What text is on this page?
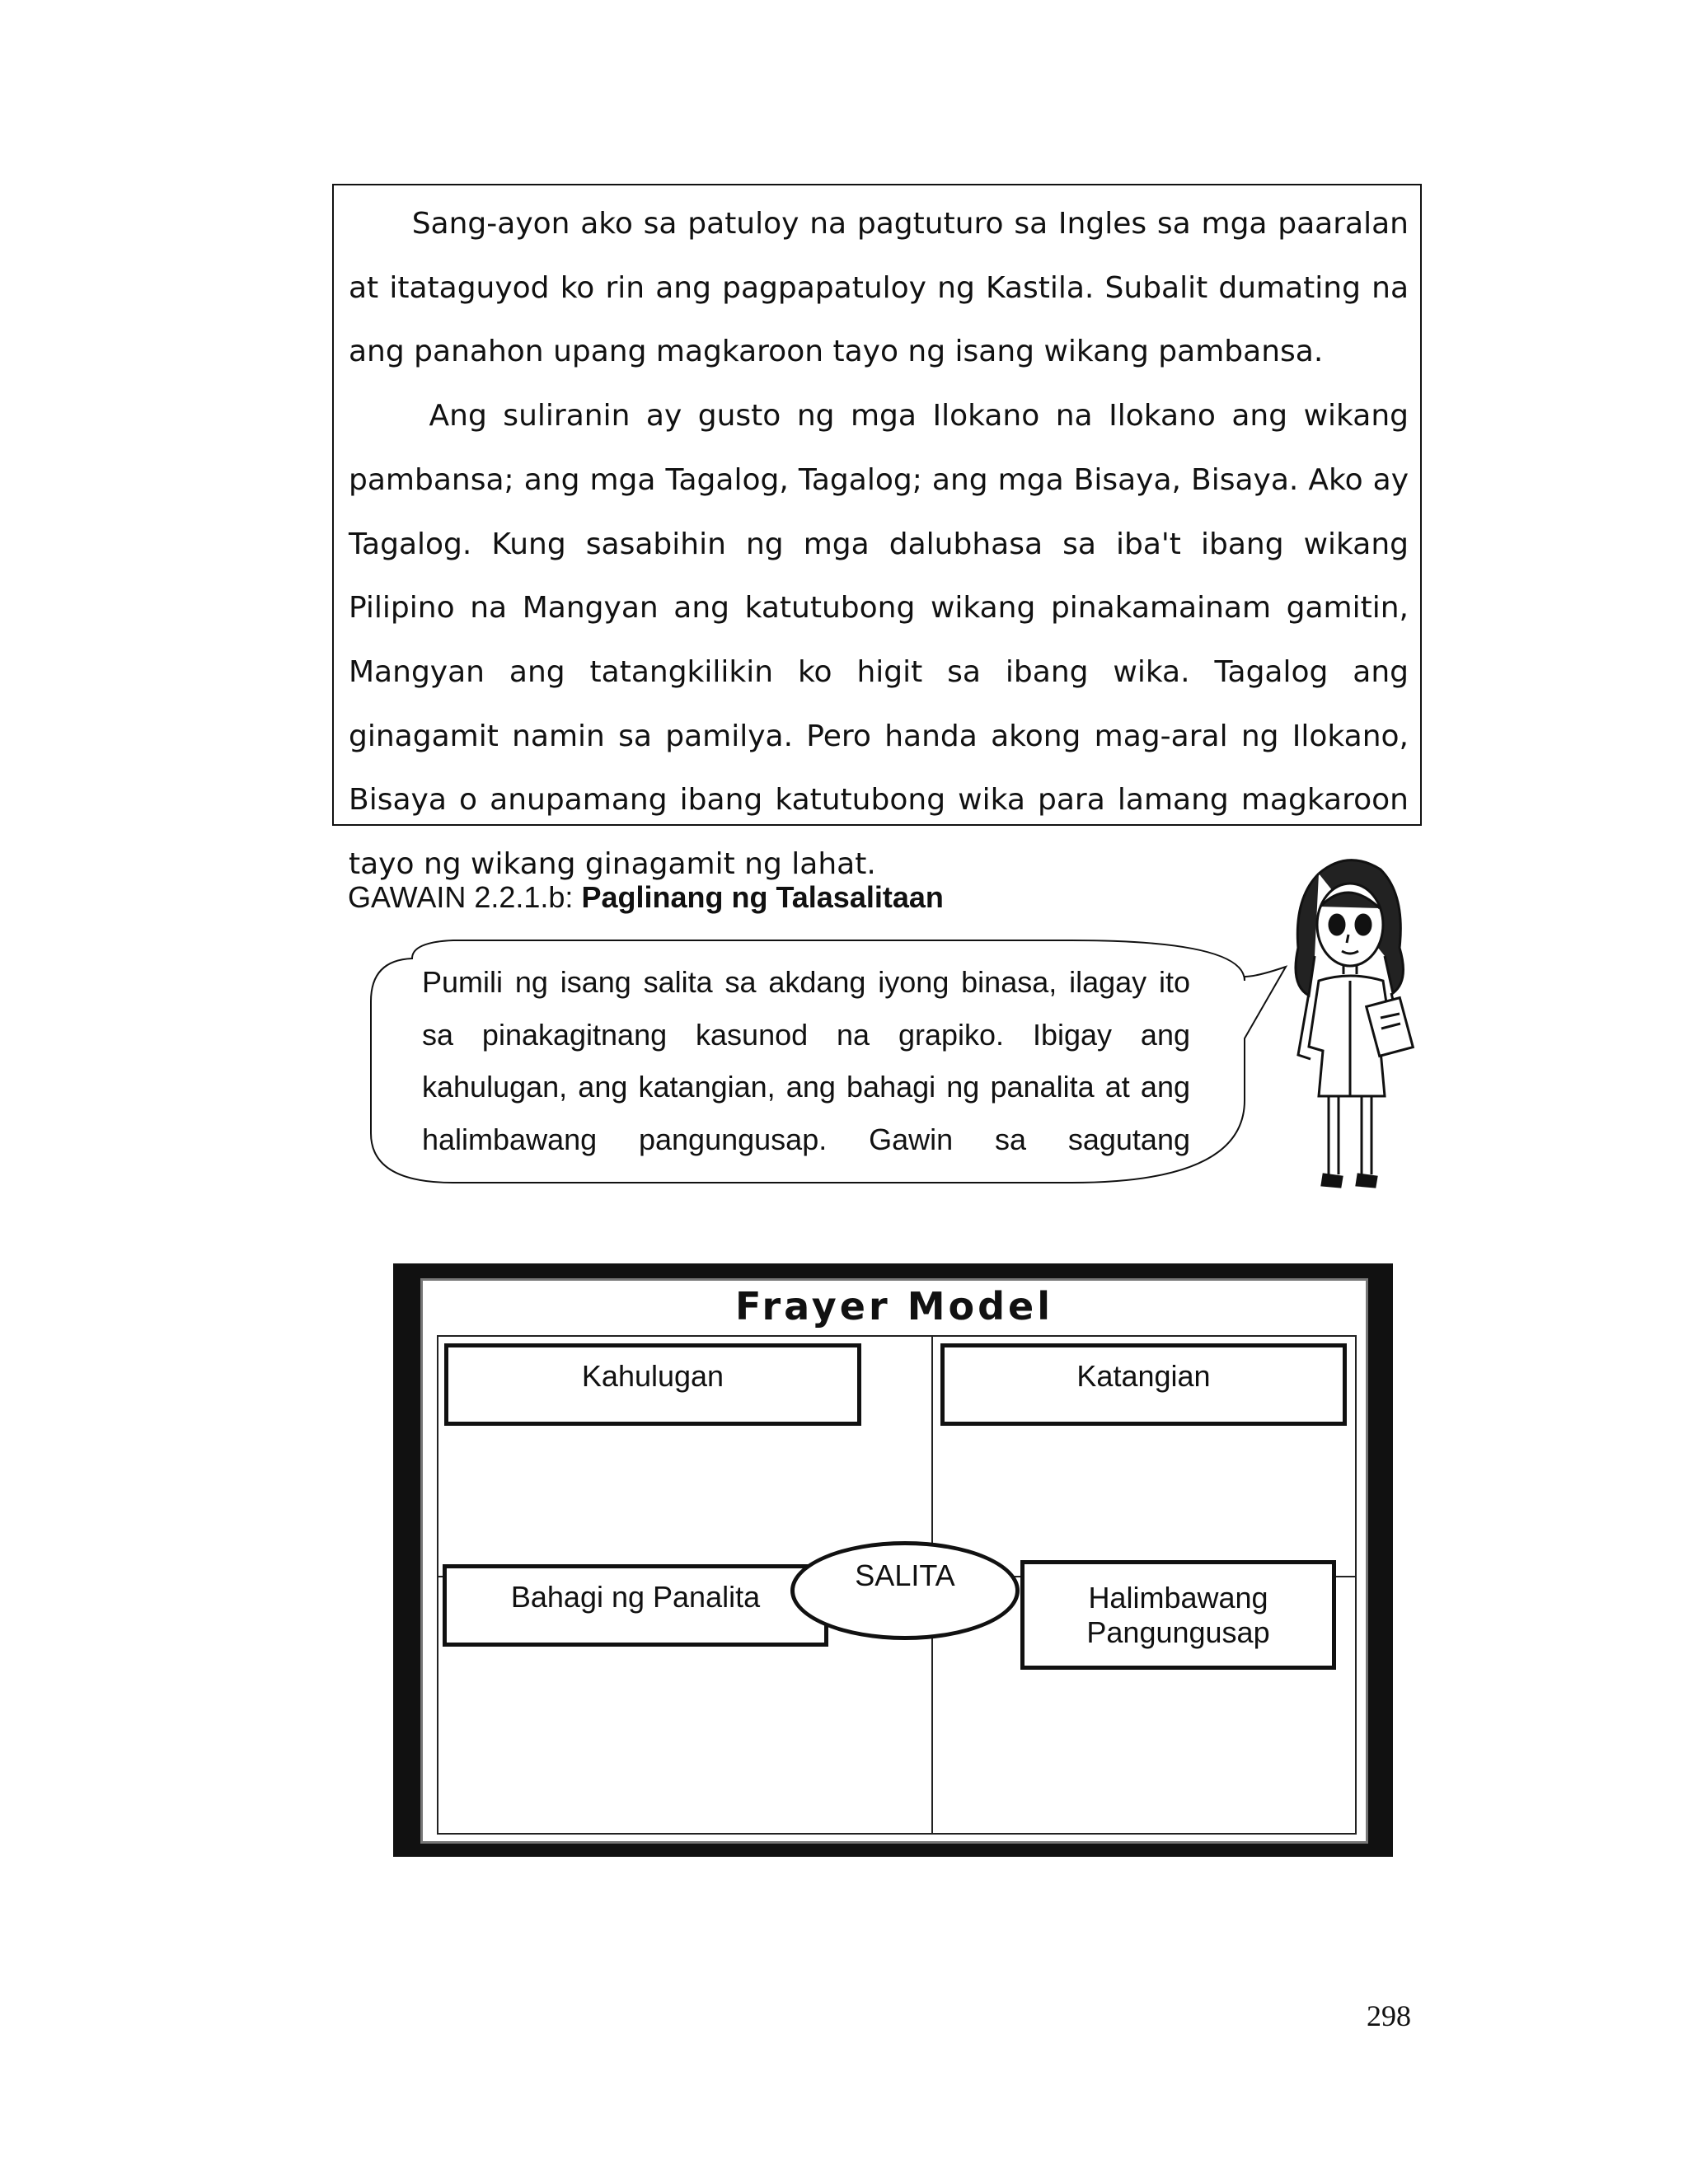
Sang-ayon ako sa patuloy na pagtuturo sa Ingles sa mga paaralan at itataguyod ko rin ang pagpapatuloy ng Kastila. Subalit dumating na ang panahon upang magkaroon tayo ng isang wikang pambansa.
Ang suliranin ay gusto ng mga Ilokano na Ilokano ang wikang pambansa; ang mga Tagalog, Tagalog; ang mga Bisaya, Bisaya. Ako ay Tagalog. Kung sasabihin ng mga dalubhasa sa iba't ibang wikang Pilipino na Mangyan ang katutubong wikang pinakamainam gamitin, Mangyan ang tatangkilikin ko higit sa ibang wika. Tagalog ang ginagamit namin sa pamilya. Pero handa akong mag-aral ng Ilokano, Bisaya o anupamang ibang katutubong wika para lamang magkaroon tayo ng wikang ginagamit ng lahat.

GAWAIN 2.2.1.b: Paglinang ng Talasalitaan

Pumili ng isang salita sa akdang iyong binasa, ilagay ito sa pinakagitnang kasunod na grapiko. Ibigay ang kahulugan, ang katangian, ang bahagi ng panalita at ang halimbawang pangungusap. Gawin sa sagutang

Frayer Model

Kahulugan	Katangian
Bahagi ng Panalita	Halimbawang
Pangungusap
SALITA

298
